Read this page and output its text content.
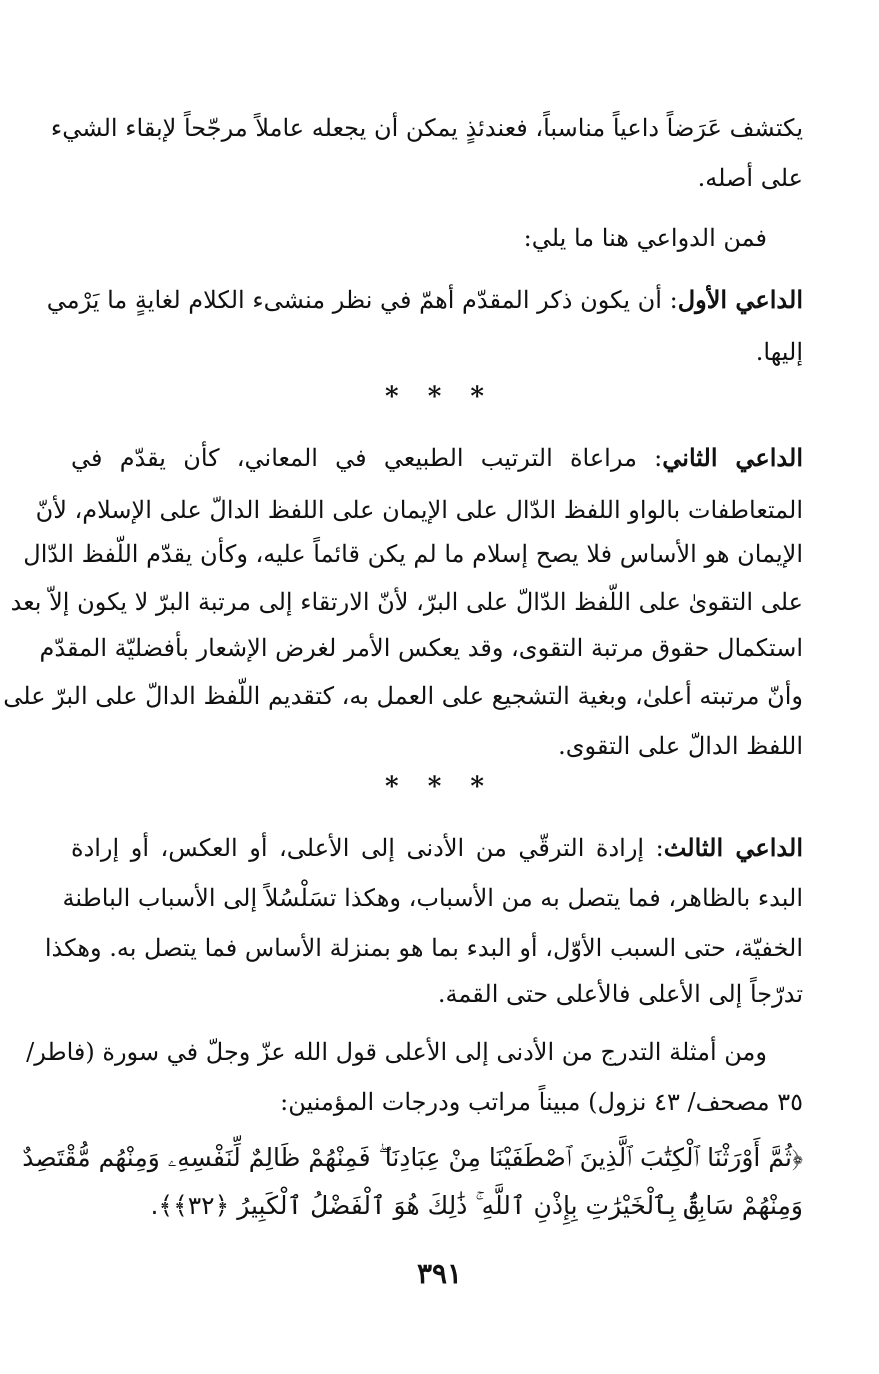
يكتشف عَرَضاً داعياً مناسباً، فعندئذٍ يمكن أن يجعله عاملاً مرجّحاً لإبقاء الشيء
على أصله.
فمن الدواعي هنا ما يلي:
الداعي الأول: أن يكون ذكر المقدّم أهمّ في نظر منشىء الكلام لغايةٍ ما يَرْمي
إليها.
* * *
الداعي الثاني: مراعاة الترتيب الطبيعي في المعاني، كأن يقدّم في
المتعاطفات بالواو اللفظ الدّال على الإيمان على اللفظ الدالّ على الإسلام، لأنّ
الإيمان هو الأساس فلا يصح إسلام ما لم يكن قائماً عليه، وكأن يقدّم اللّفظ الدّال
على التقوىٰ على اللّفظ الدّالّ على البرّ، لأنّ الارتقاء إلى مرتبة البرّ لا يكون إلاّ بعد
استكمال حقوق مرتبة التقوى، وقد يعكس الأمر لغرض الإشعار بأفضليّة المقدّم
وأنّ مرتبته أعلىٰ، وبغية التشجيع على العمل به، كتقديم اللّفظ الدالّ على البرّ على
اللفظ الدالّ على التقوى.
* * *
الداعي الثالث: إرادة الترقّي من الأدنى إلى الأعلى، أو العكس، أو إرادة
البدء بالظاهر، فما يتصل به من الأسباب، وهكذا تسَلْسُلاً إلى الأسباب الباطنة
الخفيّة، حتى السبب الأوّل، أو البدء بما هو بمنزلة الأساس فما يتصل به. وهكذا
تدرّجاً إلى الأعلى فالأعلى حتى القمة.
ومن أمثلة التدرج من الأدنى إلى الأعلى قول الله عزّ وجلّ في سورة (فاطر/
٣٥ مصحف/ ٤٣ نزول) مبيناً مراتب ودرجات المؤمنين:
﴿ثُمَّ أَوْرَثْنَا ٱلْكِتَٰبَ ٱلَّذِينَ ٱصْطَفَيْنَا مِنْ عِبَادِنَا ۖ فَمِنْهُمْ ظَالِمٌ لِّنَفْسِهِۦ وَمِنْهُم مُّقْتَصِدٌ
وَمِنْهُمْ سَابِقٌۢ بِٱلْخَيْرَٰتِ بِإِذْنِ ٱللَّهِ ۚ ذَٰلِكَ هُوَ ٱلْفَضْلُ ٱلْكَبِيرُ ﴿٣٢﴾﴾.
٣٩١
